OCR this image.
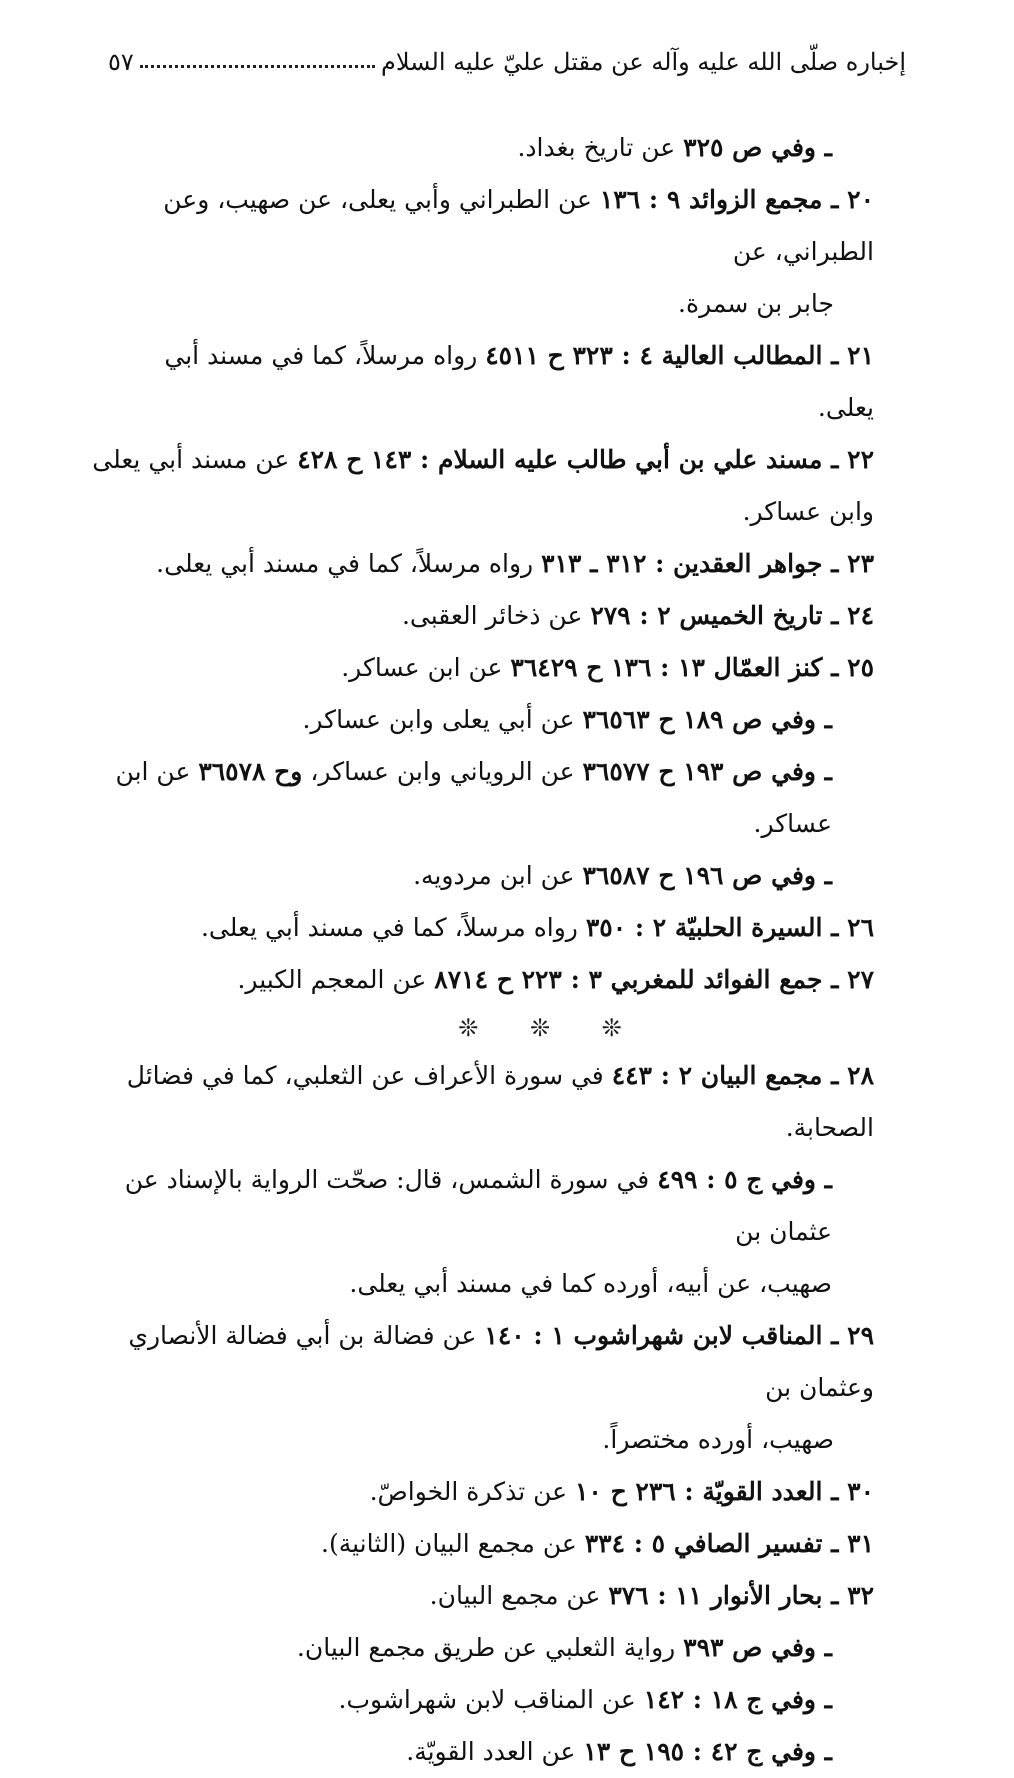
إخباره صلّى الله عليه وآله عن مقتل عليّ عليه السلام
٥٧

ـ وفي ص ٣٢٥ عن تاريخ بغداد.

٢٠ ـ مجمع الزوائد ٩ : ١٣٦ عن الطبراني وأبي يعلى، عن صهيب، وعن الطبراني، عن
جابر بن سمرة.

٢١ ـ المطالب العالية ٤ : ٣٢٣ ح ٤٥١١ رواه مرسلاً، كما في مسند أبي يعلى.

٢٢ ـ مسند علي بن أبي طالب عليه السلام : ١٤٣ ح ٤٢٨ عن مسند أبي يعلى وابن عساكر.

٢٣ ـ جواهر العقدين : ٣١٢ ـ ٣١٣ رواه مرسلاً، كما في مسند أبي يعلى.

٢٤ ـ تاريخ الخميس ٢ : ٢٧٩ عن ذخائر العقبى.

٢٥ ـ كنز العمّال ١٣ : ١٣٦ ح ٣٦٤٢٩ عن ابن عساكر.

ـ وفي ص ١٨٩ ح ٣٦٥٦٣ عن أبي يعلى وابن عساكر.

ـ وفي ص ١٩٣ ح ٣٦٥٧٧ عن الروياني وابن عساكر، وح ٣٦٥٧٨ عن ابن عساكر.

ـ وفي ص ١٩٦ ح ٣٦٥٨٧ عن ابن مردويه.

٢٦ ـ السيرة الحلبيّة ٢ : ٣٥٠ رواه مرسلاً، كما في مسند أبي يعلى.

٢٧ ـ جمع الفوائد للمغربي ٣ : ٢٢٣ ح ٨٧١٤ عن المعجم الكبير.

❊ ❊ ❊

٢٨ ـ مجمع البيان ٢ : ٤٤٣ في سورة الأعراف عن الثعلبي، كما في فضائل الصحابة.

ـ وفي ج ٥ : ٤٩٩ في سورة الشمس، قال: صحّت الرواية بالإسناد عن عثمان بن
صهيب، عن أبيه، أورده كما في مسند أبي يعلى.

٢٩ ـ المناقب لابن شهراشوب ١ : ١٤٠ عن فضالة بن أبي فضالة الأنصاري وعثمان بن
صهيب، أورده مختصراً.

٣٠ ـ العدد القويّة : ٢٣٦ ح ١٠ عن تذكرة الخواصّ.

٣١ ـ تفسير الصافي ٥ : ٣٣٤ عن مجمع البيان (الثانية).

٣٢ ـ بحار الأنوار ١١ : ٣٧٦ عن مجمع البيان.

ـ وفي ص ٣٩٣ رواية الثعلبي عن طريق مجمع البيان.

ـ وفي ج ١٨ : ١٤٢ عن المناقب لابن شهراشوب.

ـ وفي ج ٤٢ : ١٩٥ ح ١٣ عن العدد القويّة.
